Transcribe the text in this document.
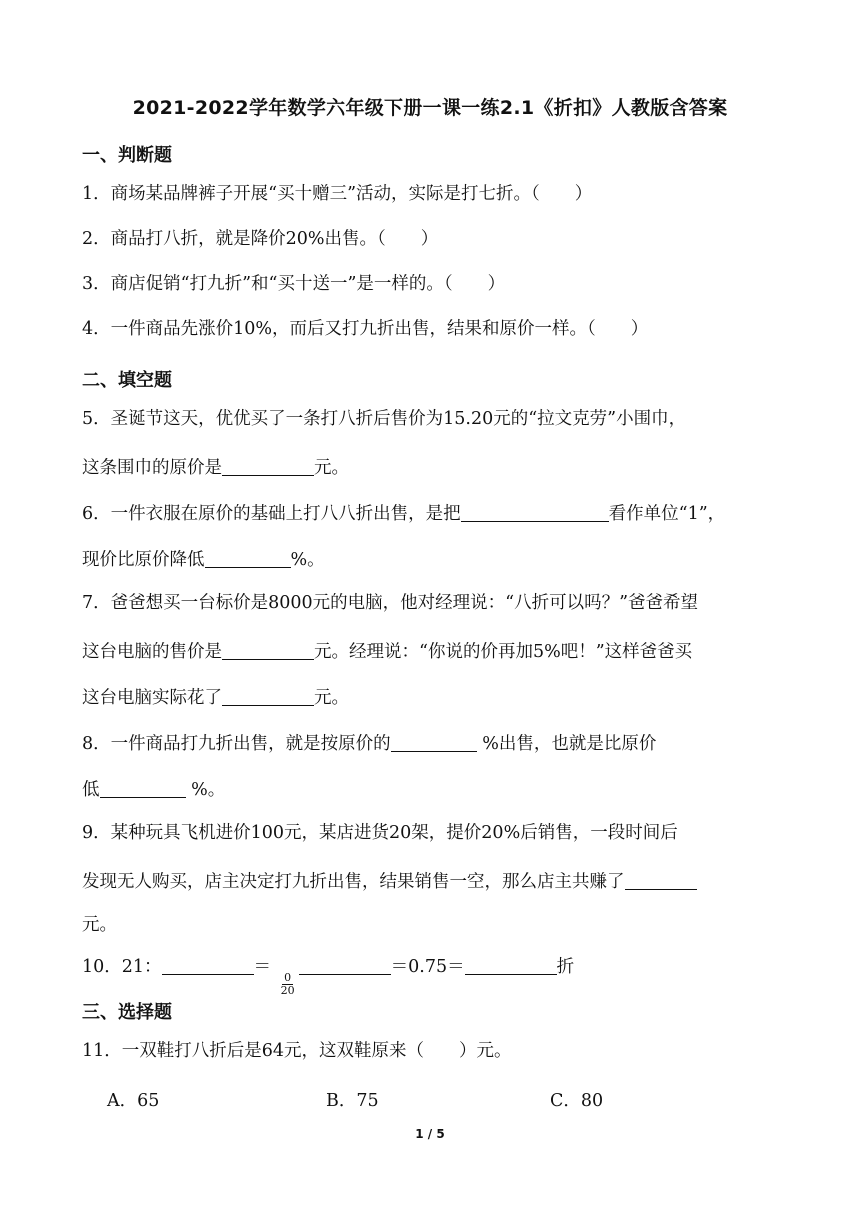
2021-2022学年数学六年级下册一课一练2.1《折扣》人教版含答案
一、判断题
1．商场某品牌裤子开展“买十赠三”活动，实际是打七折。（　　）
2．商品打八折，就是降价20%出售。（　　）
3．商店促销“打九折”和“买十送一”是一样的。（　　）
4．一件商品先涨价10%，而后又打九折出售，结果和原价一样。（　　）
二、填空题
5．圣诞节这天，优优买了一条打八折后售价为15.20元的“拉文克劳”小围巾，
这条围巾的原价是	元。
6．一件衣服在原价的基础上打八八折出售，是把	看作单位“1”，
现价比原价降低	%。
7．爸爸想买一台标价是8000元的电脑，他对经理说：“八折可以吗？”爸爸希望
这台电脑的售价是	元。经理说：“你说的价再加5%吧！”这样爸爸买
这台电脑实际花了	元。
8．一件商品打九折出售，就是按原价的	%出售，也就是比原价
低	%。
9．某种玩具飞机进价100元，某店进货20架，提价20%后销售，一段时间后
发现无人购买，店主决定打九折出售，结果销售一空，那么店主共赚了
元。
10．21：	＝
$\frac{0}{20}$
＝0.75＝	折
三、选择题
11．一双鞋打八折后是64元，这双鞋原来（　　）元。
A．65	B．75	C．80
1 / 5
